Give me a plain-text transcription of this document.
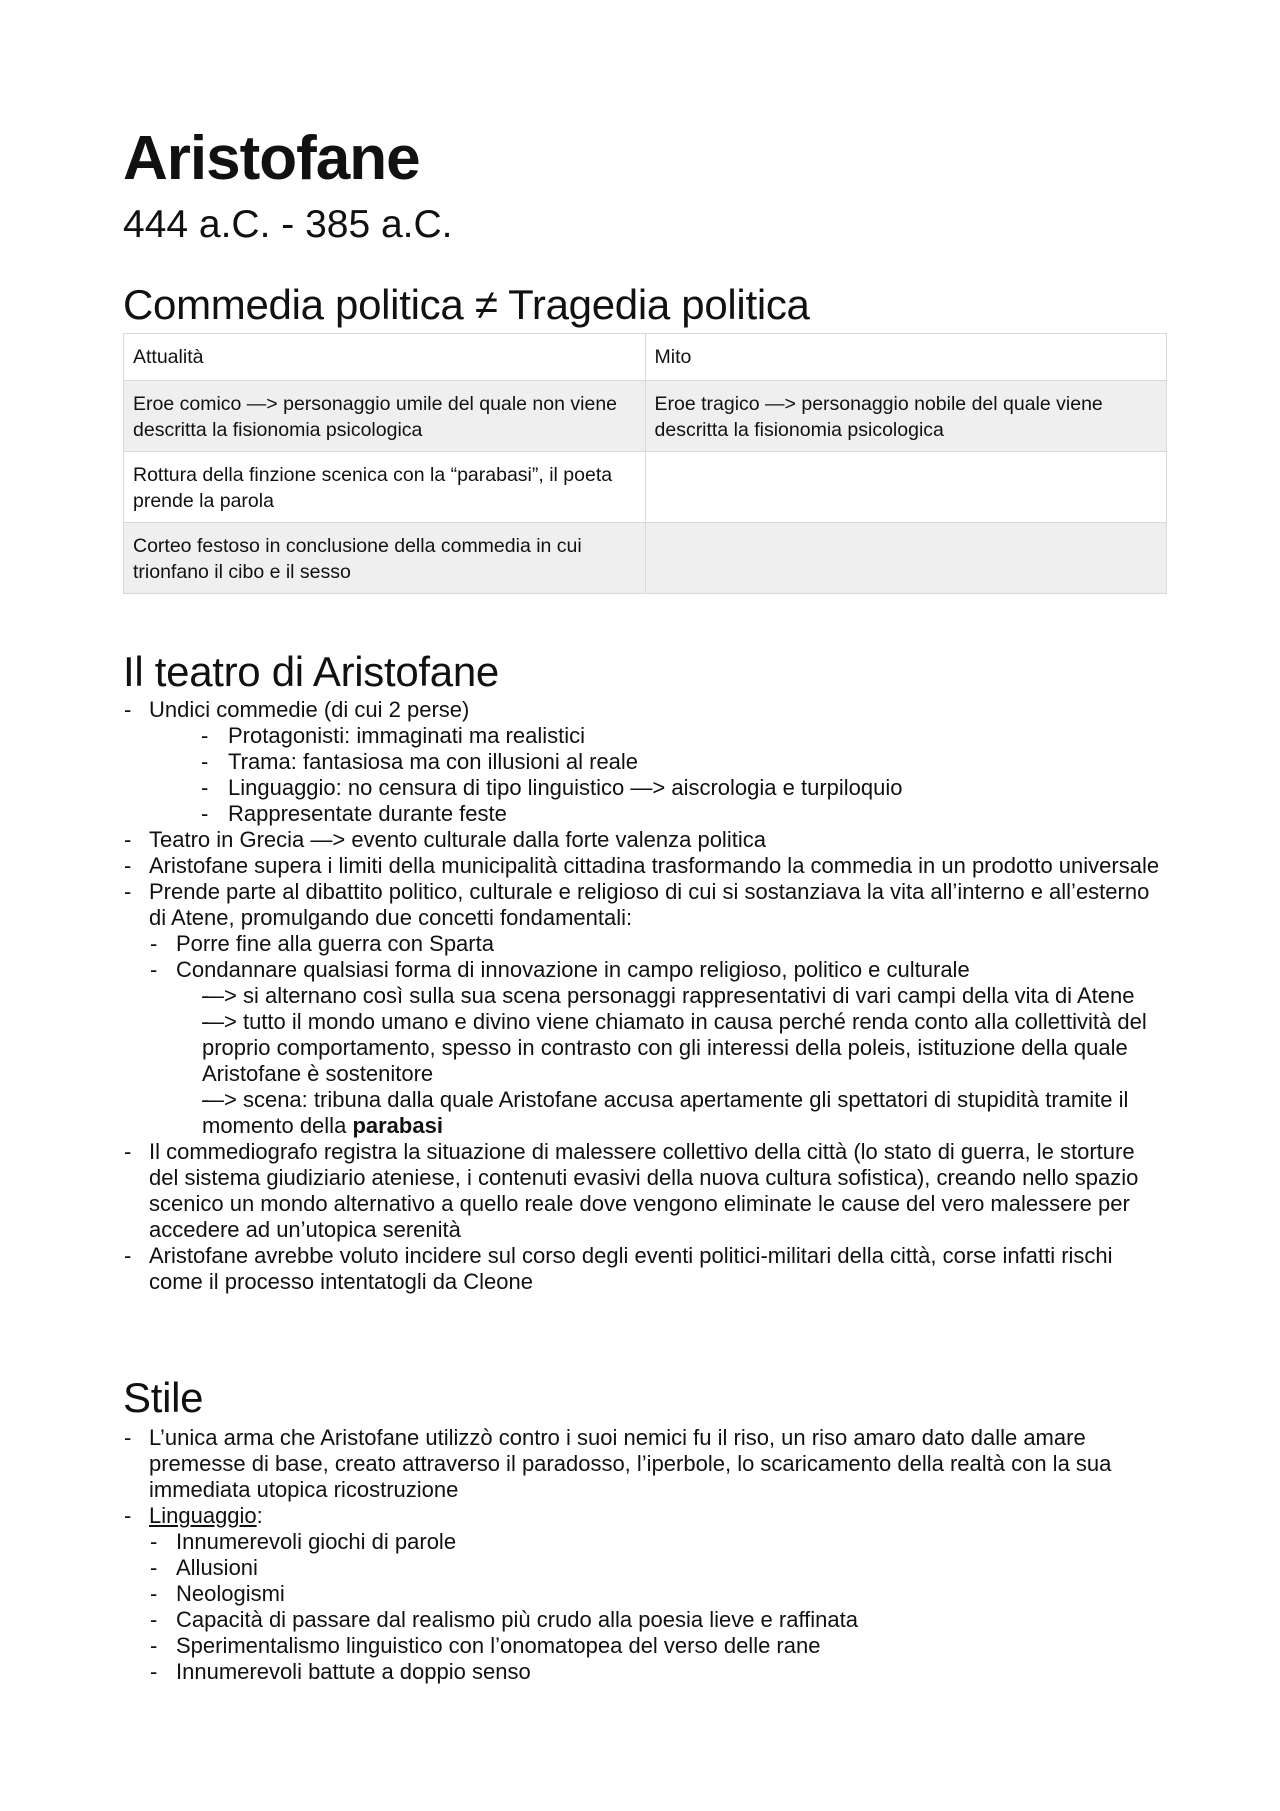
Aristofane
444 a.C. - 385 a.C.
Commedia politica ≠ Tragedia politica
Attualità	Mito
Eroe comico —> personaggio umile del quale non viene descritta la fisionomia psicologica	Eroe tragico —> personaggio nobile del quale viene descritta la fisionomia psicologica
Rottura della finzione scenica con la “parabasi”, il poeta prende la parola	
Corteo festoso in conclusione della commedia in cui trionfano il cibo e il sesso	
Il teatro di Aristofane
- Undici commedie (di cui 2 perse)
- Protagonisti: immaginati ma realistici
- Trama: fantasiosa ma con illusioni al reale
- Linguaggio: no censura di tipo linguistico —> aiscrologia e turpiloquio
- Rappresentate durante feste
- Teatro in Grecia —> evento culturale dalla forte valenza politica
- Aristofane supera i limiti della municipalità cittadina trasformando la commedia in un prodotto universale
- Prende parte al dibattito politico, culturale e religioso di cui si sostanziava la vita all’interno e all’esterno di Atene, promulgando due concetti fondamentali:
- Porre fine alla guerra con Sparta
- Condannare qualsiasi forma di innovazione in campo religioso, politico e culturale
- —> si alternano così sulla sua scena personaggi rappresentativi di vari campi della vita di Atene
- —> tutto il mondo umano e divino viene chiamato in causa perché renda conto alla collettività del proprio comportamento, spesso in contrasto con gli interessi della poleis, istituzione della quale Aristofane è sostenitore
- —> scena: tribuna dalla quale Aristofane accusa apertamente gli spettatori di stupidità tramite il momento della parabasi
- Il commediografo registra la situazione di malessere collettivo della città (lo stato di guerra, le storture del sistema giudiziario ateniese, i contenuti evasivi della nuova cultura sofistica), creando nello spazio scenico un mondo alternativo a quello reale dove vengono eliminate le cause del vero malessere per accedere ad un’utopica serenità
- Aristofane avrebbe voluto incidere sul corso degli eventi politici-militari della città, corse infatti rischi come il processo intentatogli da Cleone
Stile
- L’unica arma che Aristofane utilizzò contro i suoi nemici fu il riso, un riso amaro dato dalle amare premesse di base, creato attraverso il paradosso, l’iperbole, lo scaricamento della realtà con la sua immediata utopica ricostruzione
- Linguaggio:
- Innumerevoli giochi di parole
- Allusioni
- Neologismi
- Capacità di passare dal realismo più crudo alla poesia lieve e raffinata
- Sperimentalismo linguistico con l’onomatopea del verso delle rane
- Innumerevoli battute a doppio senso
